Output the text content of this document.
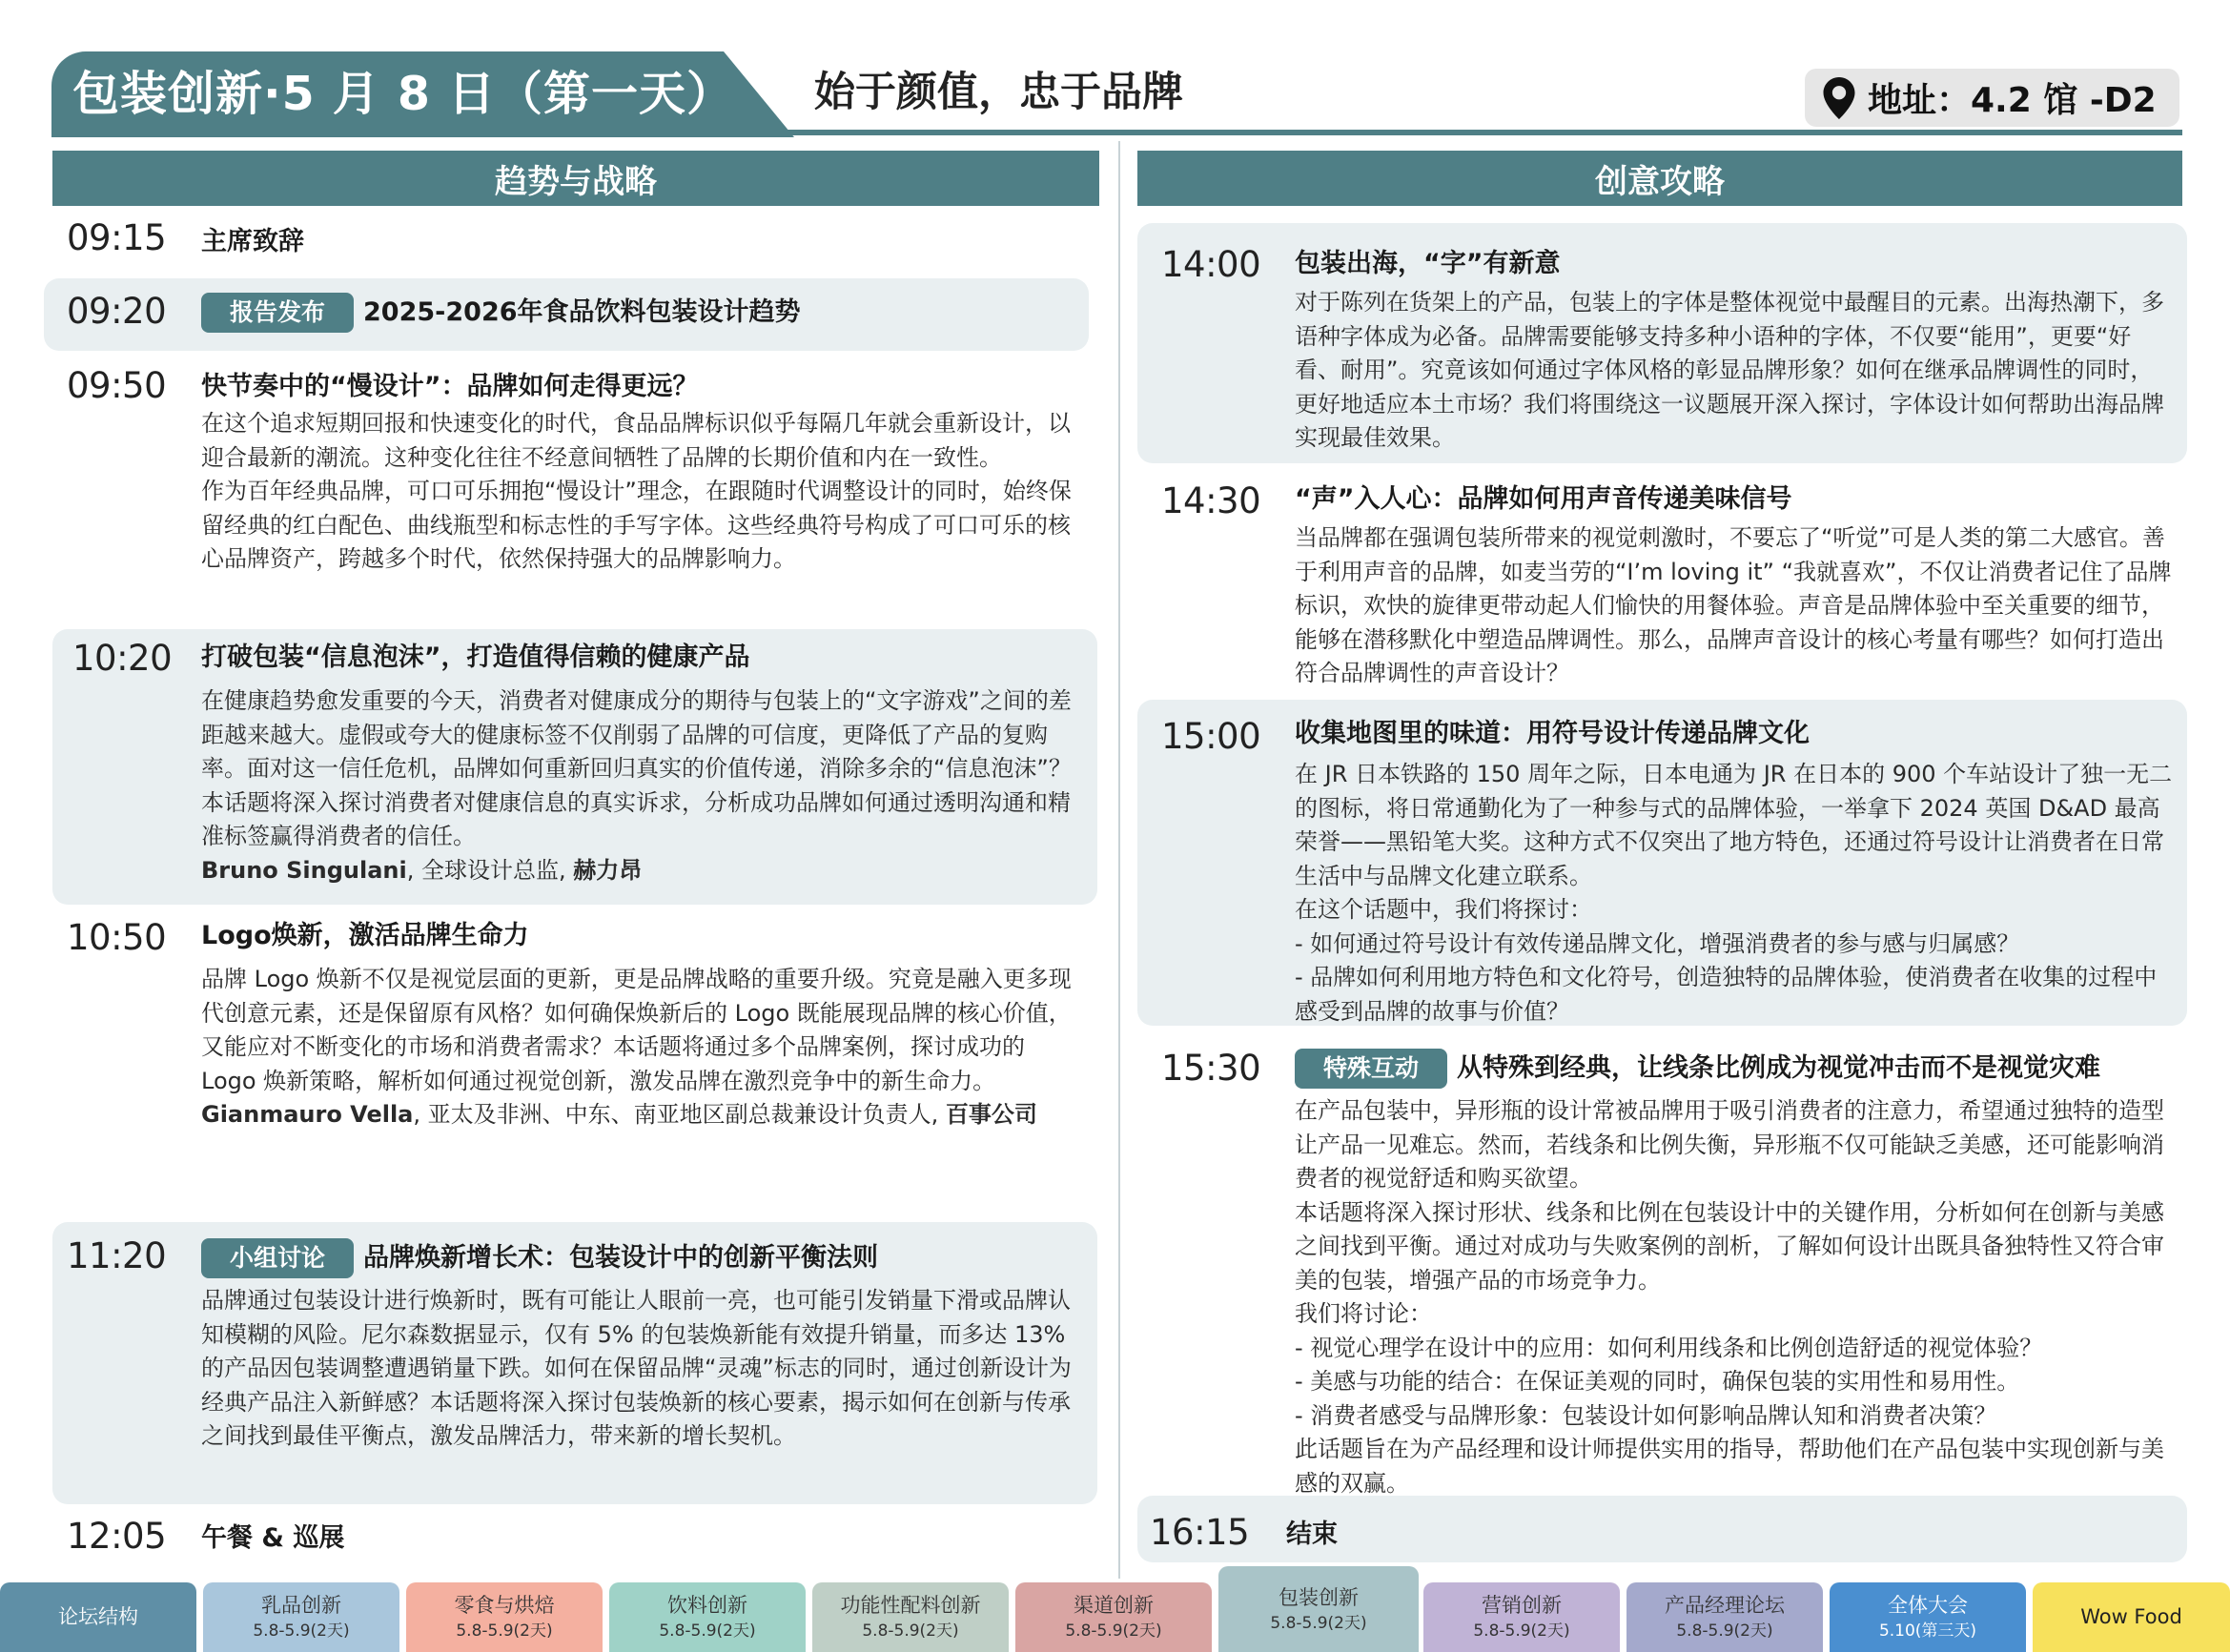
包装创新·5 月 8 日（第一天） 始于颜值，忠于品牌	地址：4.2 馆 -D2
趋势与战略	创意攻略
09:15 主席致辞
09:20	报告发布 2025-2026年食品饮料包装设计趋势
09:50 快节奏中的“慢设计”：品牌如何走得更远？

在这个追求短期回报和快速变化的时代，食品品牌标识似乎每隔几年就会重新设计，以迎合最新的潮流。这种变化往往不经意间牺牲了品牌的长期价值和内在一致性。

作为百年经典品牌，可口可乐拥抱“慢设计”理念，在跟随时代调整设计的同时，始终保留经典的红白配色、曲线瓶型和标志性的手写字体。这些经典符号构成了可口可乐的核心品牌资产，跨越多个时代，依然保持强大的品牌影响力。

10:20 打破包装“信息泡沫”，打造值得信赖的健康产品

在健康趋势愈发重要的今天，消费者对健康成分的期待与包装上的“文字游戏”之间的差距越来越大。虚假或夸大的健康标签不仅削弱了品牌的可信度，更降低了产品的复购率。面对这一信任危机，品牌如何重新回归真实的价值传递，消除多余的“信息泡沫”？本话题将深入探讨消费者对健康信息的真实诉求，分析成功品牌如何通过透明沟通和精准标签赢得消费者的信任。

Bruno Singulani, 全球设计总监, 赫力昂
10:50 Logo焕新，激活品牌生命力

品牌 Logo 焕新不仅是视觉层面的更新，更是品牌战略的重要升级。究竟是融入更多现代创意元素，还是保留原有风格？如何确保焕新后的 Logo 既能展现品牌的核心价值，又能应对不断变化的市场和消费者需求？本话题将通过多个品牌案例，探讨成功的 Logo 焕新策略，解析如何通过视觉创新，激发品牌在激烈竞争中的新生命力。

Gianmauro Vella, 亚太及非洲、中东、南亚地区副总裁兼设计负责人, 百事公司
11:20	小组讨论 品牌焕新增长术：包装设计中的创新平衡法则

品牌通过包装设计进行焕新时，既有可能让人眼前一亮，也可能引发销量下滑或品牌认知模糊的风险。尼尔森数据显示，仅有 5% 的包装焕新能有效提升销量，而多达 13% 的产品因包装调整遭遇销量下跌。如何在保留品牌“灵魂”标志的同时，通过创新设计为经典产品注入新鲜感？本话题将深入探讨包装焕新的核心要素，揭示如何在创新与传承之间找到最佳平衡点，激发品牌活力，带来新的增长契机。

12:05 午餐 & 巡展
14:00 包装出海，“字”有新意

对于陈列在货架上的产品，包装上的字体是整体视觉中最醒目的元素。出海热潮下，多语种字体成为必备。品牌需要能够支持多种小语种的字体，不仅要“能用”，更要“好看、耐用”。究竟该如何通过字体风格的彰显品牌形象？如何在继承品牌调性的同时，更好地适应本土市场？我们将围绕这一议题展开深入探讨，字体设计如何帮助出海品牌实现最佳效果。

14:30 “声”入人心：品牌如何用声音传递美味信号

当品牌都在强调包装所带来的视觉刺激时，不要忘了“听觉”可是人类的第二大感官。善于利用声音的品牌，如麦当劳的“I’m loving it” “我就喜欢”，不仅让消费者记住了品牌标识，欢快的旋律更带动起人们愉快的用餐体验。声音是品牌体验中至关重要的细节，能够在潜移默化中塑造品牌调性。那么，品牌声音设计的核心考量有哪些？如何打造出符合品牌调性的声音设计？

15:00 收集地图里的味道：用符号设计传递品牌文化

在 JR 日本铁路的 150 周年之际，日本电通为 JR 在日本的 900 个车站设计了独一无二的图标，将日常通勤化为了一种参与式的品牌体验，一举拿下 2024 英国 D&AD 最高荣誉——黑铅笔大奖。这种方式不仅突出了地方特色，还通过符号设计让消费者在日常生活中与品牌文化建立联系。

在这个话题中，我们将探讨：

- 如何通过符号设计有效传递品牌文化，增强消费者的参与感与归属感？

- 品牌如何利用地方特色和文化符号，创造独特的品牌体验，使消费者在收集的过程中感受到品牌的故事与价值？

15:30	特殊互动 从特殊到经典，让线条比例成为视觉冲击而不是视觉灾难

在产品包装中，异形瓶的设计常被品牌用于吸引消费者的注意力，希望通过独特的造型让产品一见难忘。然而，若线条和比例失衡，异形瓶不仅可能缺乏美感，还可能影响消费者的视觉舒适和购买欲望。

本话题将深入探讨形状、线条和比例在包装设计中的关键作用，分析如何在创新与美感之间找到平衡。通过对成功与失败案例的剖析，了解如何设计出既具备独特性又符合审美的包装，增强产品的市场竞争力。

我们将讨论：

- 视觉心理学在设计中的应用：如何利用线条和比例创造舒适的视觉体验？

- 美感与功能的结合：在保证美观的同时，确保包装的实用性和易用性。

- 消费者感受与品牌形象：包装设计如何影响品牌认知和消费者决策？

此话题旨在为产品经理和设计师提供实用的指导，帮助他们在产品包装中实现创新与美感的双赢。

16:15 结束
论坛结构	乳品创新
5.8-5.9(2天)
零食与烘焙
5.8-5.9(2天)
饮料创新
5.8-5.9(2天)
功能性配料创新
5.8-5.9(2天)
渠道创新
5.8-5.9(2天)
包装创新
5.8-5.9(2天)
营销创新
5.8-5.9(2天)
产品经理论坛
5.8-5.9(2天)
全体大会
5.10(第三天)
Wow Food
